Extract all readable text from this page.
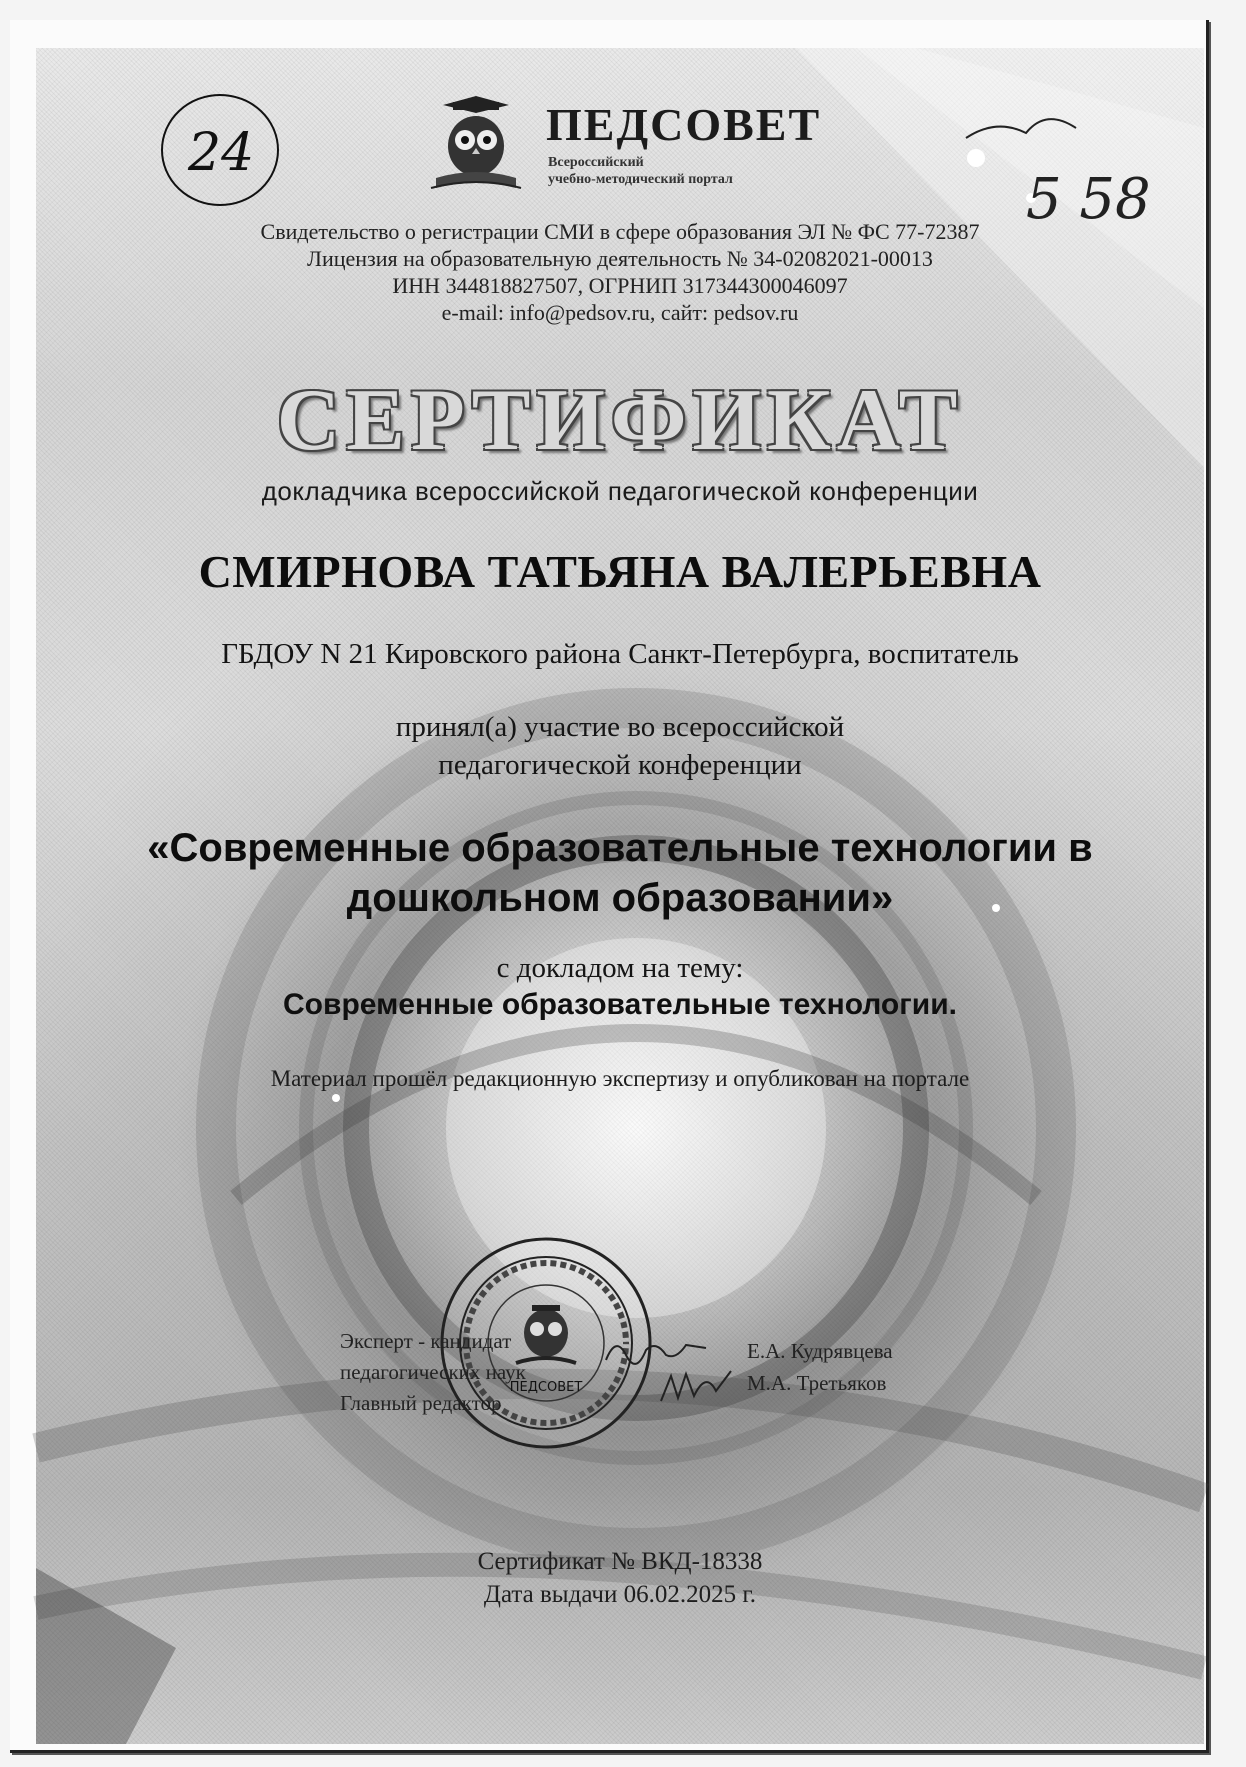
24
5 58
ПЕДСОВЕТ
Всероссийский
учебно-методический портал
Свидетельство о регистрации СМИ в сфере образования ЭЛ № ФС 77-72387
Лицензия на образовательную деятельность № 34-02082021-00013
ИНН 344818827507, ОГРНИП 317344300046097
e-mail: info@pedsov.ru, сайт: pedsov.ru
СЕРТИФИКАТ
докладчика всероссийской педагогической конференции
СМИРНОВА ТАТЬЯНА ВАЛЕРЬЕВНА
ГБДОУ N 21 Кировского района Санкт-Петербурга, воспитатель
принял(а) участие во всероссийской
педагогической конференции
«Современные образовательные технологии в
дошкольном образовании»
с докладом на тему:
Современные образовательные технологии.
Материал прошёл редакционную экспертизу и опубликован на портале
ПЕДСОВЕТ
Эксперт - кандидат
педагогических наук
Главный редактор
Е.А. Кудрявцева
М.А. Третьяков
Сертификат № ВКД-18338
Дата выдачи 06.02.2025 г.
